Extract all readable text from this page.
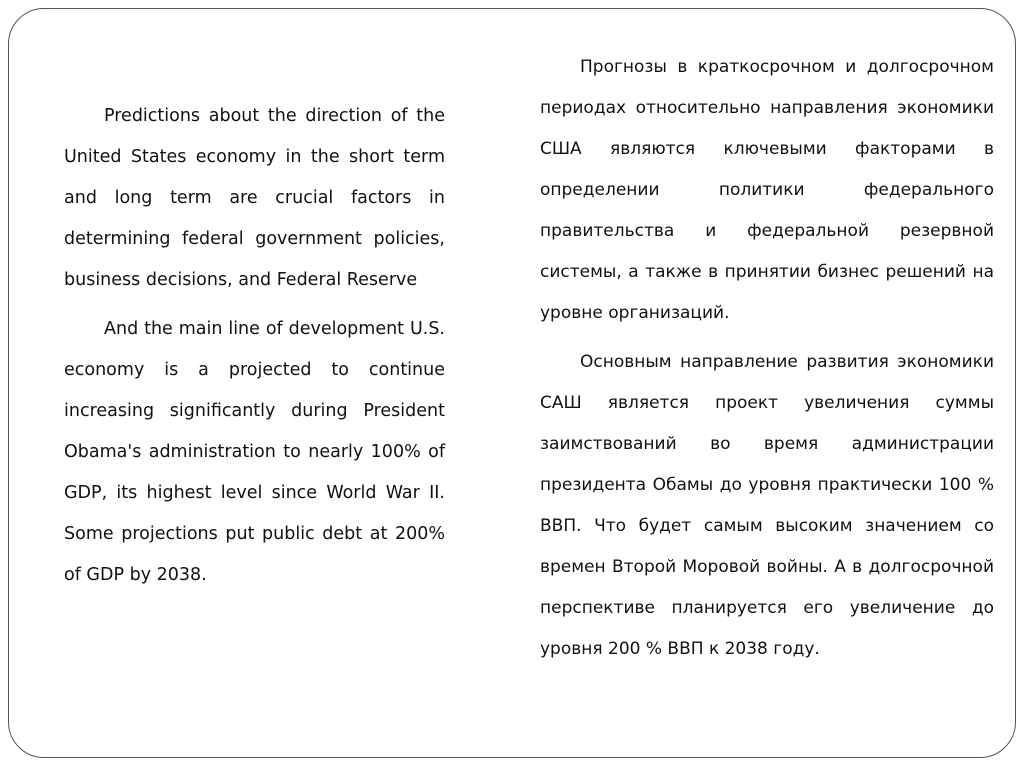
Predictions about the direction of the United States economy in the short term and long term are crucial factors in determining federal government policies, business decisions, and Federal Reserve

And the main line of development U.S. economy is a projected to continue increasing significantly during President Obama's administration to nearly 100% of GDP, its highest level since World War II. Some projections put public debt at 200% of GDP by 2038.

Прогнозы в краткосрочном и долгосрочном периодах относительно направления экономики США являются ключевыми факторами в определении политики федерального правительства и федеральной резервной системы, а также в принятии бизнес решений на уровне организаций.

Основным направление развития экономики САШ является проект увеличения суммы заимствований во время администрации президента Обамы до уровня практически 100 % ВВП. Что будет самым высоким значением со времен Второй Моровой войны. А в долгосрочной перспективе планируется его увеличение до уровня 200 % ВВП к 2038 году.
